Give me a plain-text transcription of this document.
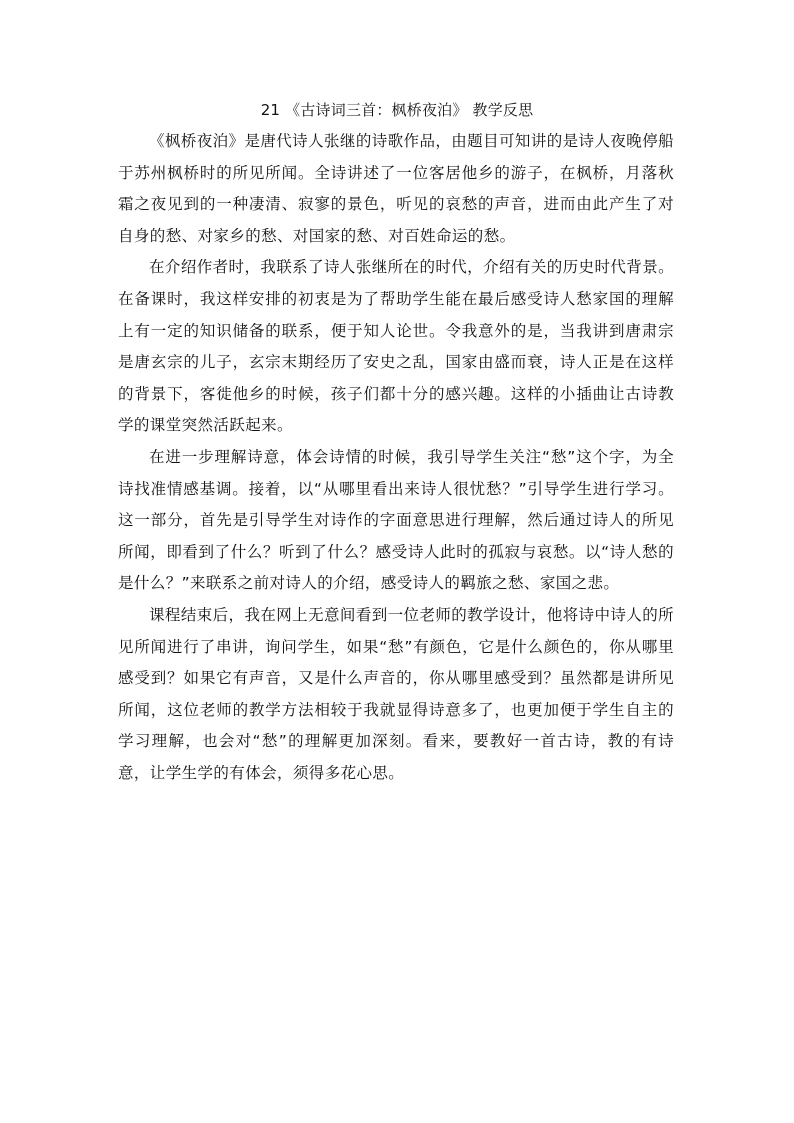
21 《古诗词三首：枫桥夜泊》 教学反思

《枫桥夜泊》是唐代诗人张继的诗歌作品，由题目可知讲的是诗人夜晚停船于苏州枫桥时的所见所闻。全诗讲述了一位客居他乡的游子，在枫桥，月落秋霜之夜见到的一种凄清、寂寥的景色，听见的哀愁的声音，进而由此产生了对自身的愁、对家乡的愁、对国家的愁、对百姓命运的愁。

在介绍作者时，我联系了诗人张继所在的时代，介绍有关的历史时代背景。在备课时，我这样安排的初衷是为了帮助学生能在最后感受诗人愁家国的理解上有一定的知识储备的联系，便于知人论世。令我意外的是，当我讲到唐肃宗是唐玄宗的儿子，玄宗末期经历了安史之乱，国家由盛而衰，诗人正是在这样的背景下，客徙他乡的时候，孩子们都十分的感兴趣。这样的小插曲让古诗教学的课堂突然活跃起来。

在进一步理解诗意，体会诗情的时候，我引导学生关注“愁”这个字，为全诗找准情感基调。接着，以“从哪里看出来诗人很忧愁？”引导学生进行学习。这一部分，首先是引导学生对诗作的字面意思进行理解，然后通过诗人的所见所闻，即看到了什么？听到了什么？感受诗人此时的孤寂与哀愁。以“诗人愁的是什么？”来联系之前对诗人的介绍，感受诗人的羁旅之愁、家国之悲。

课程结束后，我在网上无意间看到一位老师的教学设计，他将诗中诗人的所见所闻进行了串讲，询问学生，如果“愁”有颜色，它是什么颜色的，你从哪里感受到？如果它有声音，又是什么声音的，你从哪里感受到？虽然都是讲所见所闻，这位老师的教学方法相较于我就显得诗意多了，也更加便于学生自主的学习理解，也会对“愁”的理解更加深刻。看来，要教好一首古诗，教的有诗意，让学生学的有体会，须得多花心思。
